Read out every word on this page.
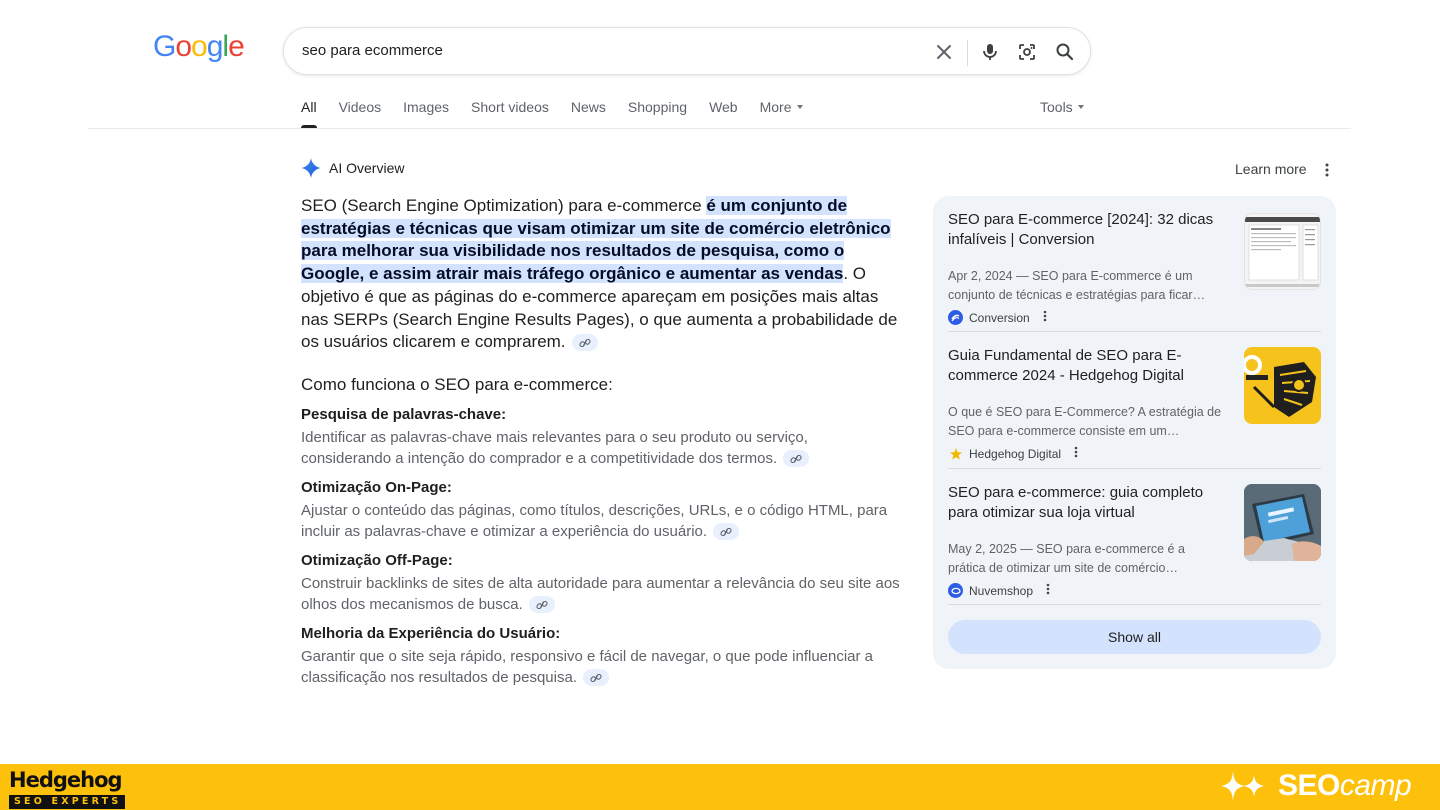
Google	seo para ecommerce
All Videos Images Short videos News Shopping Web More	Tools
AI Overview	Learn more

SEO (Search Engine Optimization) para e-commerce é um conjunto de estratégias e técnicas que visam otimizar um site de comércio eletrônico para melhorar sua visibilidade nos resultados de pesquisa, como o Google, e assim atrair mais tráfego orgânico e aumentar as vendas. O objetivo é que as páginas do e-commerce apareçam em posições mais altas nas SERPs (Search Engine Results Pages), o que aumenta a probabilidade de os usuários clicarem e comprarem.

Como funciona o SEO para e-commerce:
Pesquisa de palavras-chave:
Identificar as palavras-chave mais relevantes para o seu produto ou serviço, considerando a intenção do comprador e a competitividade dos termos.
Otimização On-Page:
Ajustar o conteúdo das páginas, como títulos, descrições, URLs, e o código HTML, para incluir as palavras-chave e otimizar a experiência do usuário.
Otimização Off-Page:
Construir backlinks de sites de alta autoridade para aumentar a relevância do seu site aos olhos dos mecanismos de busca.
Melhoria da Experiência do Usuário:
Garantir que o site seja rápido, responsivo e fácil de navegar, o que pode influenciar a classificação nos resultados de pesquisa.
SEO para E-commerce [2024]: 32 dicas infalíveis | Conversion
Apr 2, 2024 — SEO para E-commerce é um conjunto de técnicas e estratégias para ficar…
Conversion
Guia Fundamental de SEO para E-commerce 2024 - Hedgehog Digital
O que é SEO para E-Commerce? A estratégia de SEO para e-commerce consiste em um…
Hedgehog Digital
SEO para e-commerce: guia completo para otimizar sua loja virtual
May 2, 2025 — SEO para e-commerce é a prática de otimizar um site de comércio…
Nuvemshop
Show all
Hedgehog
SEO EXPERTS	SEOcamp
